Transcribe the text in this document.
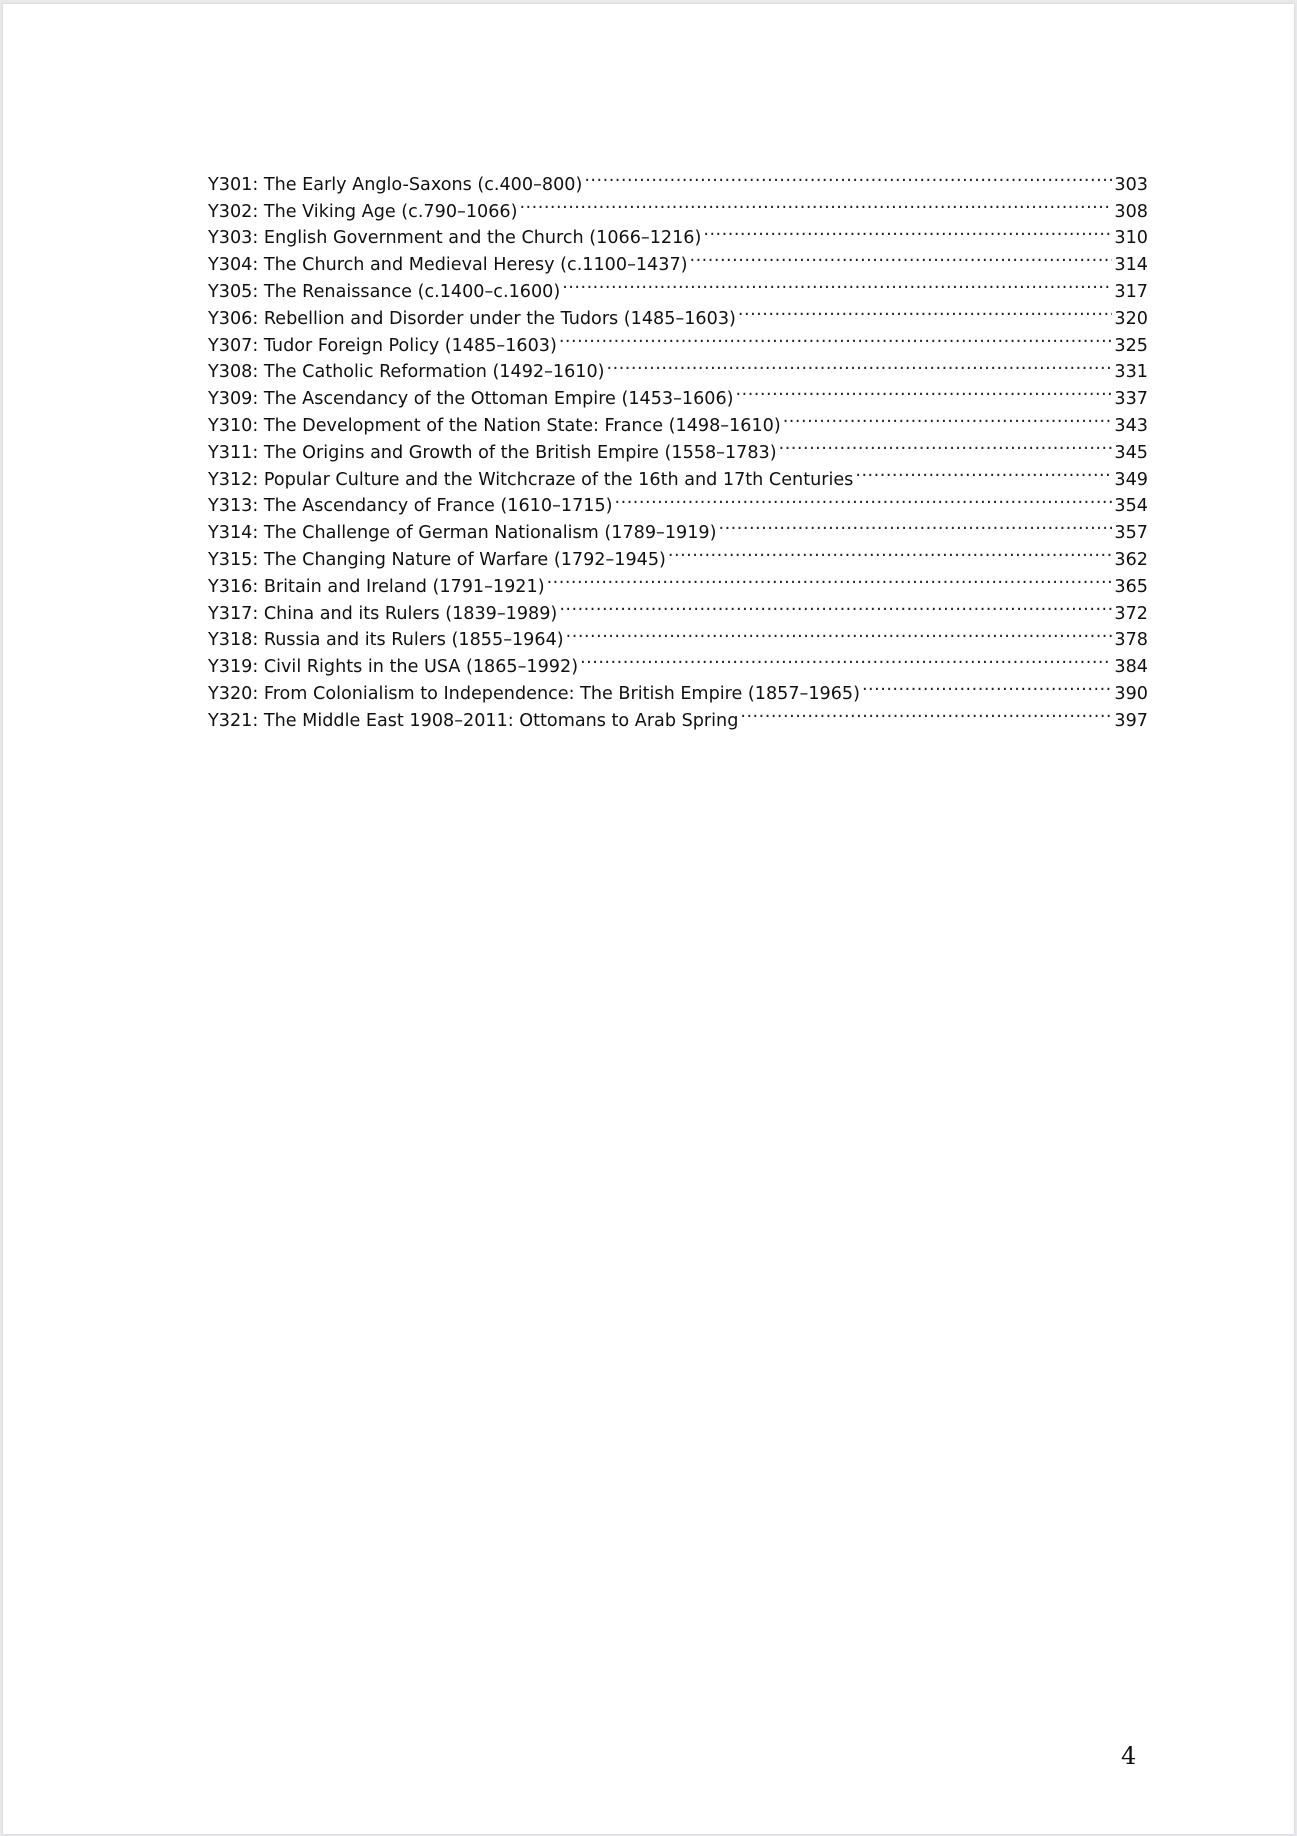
Y301: The Early Anglo-Saxons (c.400–800) .....	303
Y302: The Viking Age (c.790–1066) .....	308
Y303: English Government and the Church (1066–1216) .....	310
Y304: The Church and Medieval Heresy (c.1100–1437) .....	314
Y305: The Renaissance (c.1400–c.1600) .....	317
Y306: Rebellion and Disorder under the Tudors (1485–1603) .....	320
Y307: Tudor Foreign Policy (1485–1603) .....	325
Y308: The Catholic Reformation (1492–1610) .....	331
Y309: The Ascendancy of the Ottoman Empire (1453–1606) .....	337
Y310: The Development of the Nation State: France (1498–1610) .....	343
Y311: The Origins and Growth of the British Empire (1558–1783) .....	345
Y312: Popular Culture and the Witchcraze of the 16th and 17th Centuries .....	349
Y313: The Ascendancy of France (1610–1715) .....	354
Y314: The Challenge of German Nationalism (1789–1919) .....	357
Y315: The Changing Nature of Warfare (1792–1945) .....	362
Y316: Britain and Ireland (1791–1921) .....	365
Y317: China and its Rulers (1839–1989) .....	372
Y318: Russia and its Rulers (1855–1964) .....	378
Y319: Civil Rights in the USA (1865–1992) .....	384
Y320: From Colonialism to Independence: The British Empire (1857–1965) .....	390
Y321: The Middle East 1908–2011: Ottomans to Arab Spring .....	397
4
